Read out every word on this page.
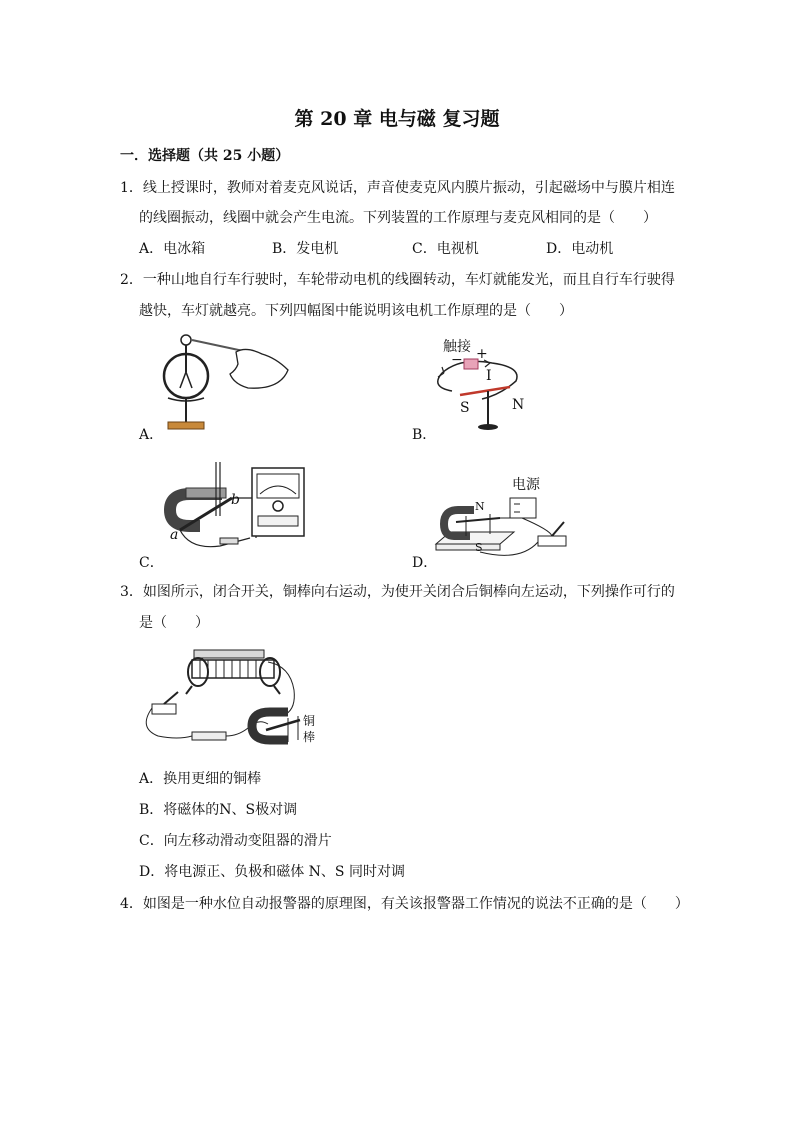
第 20 章 电与磁 复习题
一．选择题（共 25 小题）
1．线上授课时，教师对着麦克风说话，声音使麦克风内膜片振动，引起磁场中与膜片相连
的线圈振动，线圈中就会产生电流。下列装置的工作原理与麦克风相同的是（　　）
A．电冰箱	B．发电机	C．电视机	D．电动机
2．一种山地自行车行驶时，车轮带动电机的线圈转动，车灯就能发光，而且自行车行驶得
越快，车灯就越亮。下列四幅图中能说明该电机工作原理的是（　　）
A．
触接
− +
I
S	N
B．
b
a
C．
电源
N
S
D．
3．如图所示，闭合开关，铜棒向右运动，为使开关闭合后铜棒向左运动，下列操作可行的
是（　　）
铜
棒
A．换用更细的铜棒
B．将磁体的N、S极对调
C．向左移动滑动变阻器的滑片
D．将电源正、负极和磁体 N、S 同时对调
4．如图是一种水位自动报警器的原理图，有关该报警器工作情况的说法不正确的是（　　）
